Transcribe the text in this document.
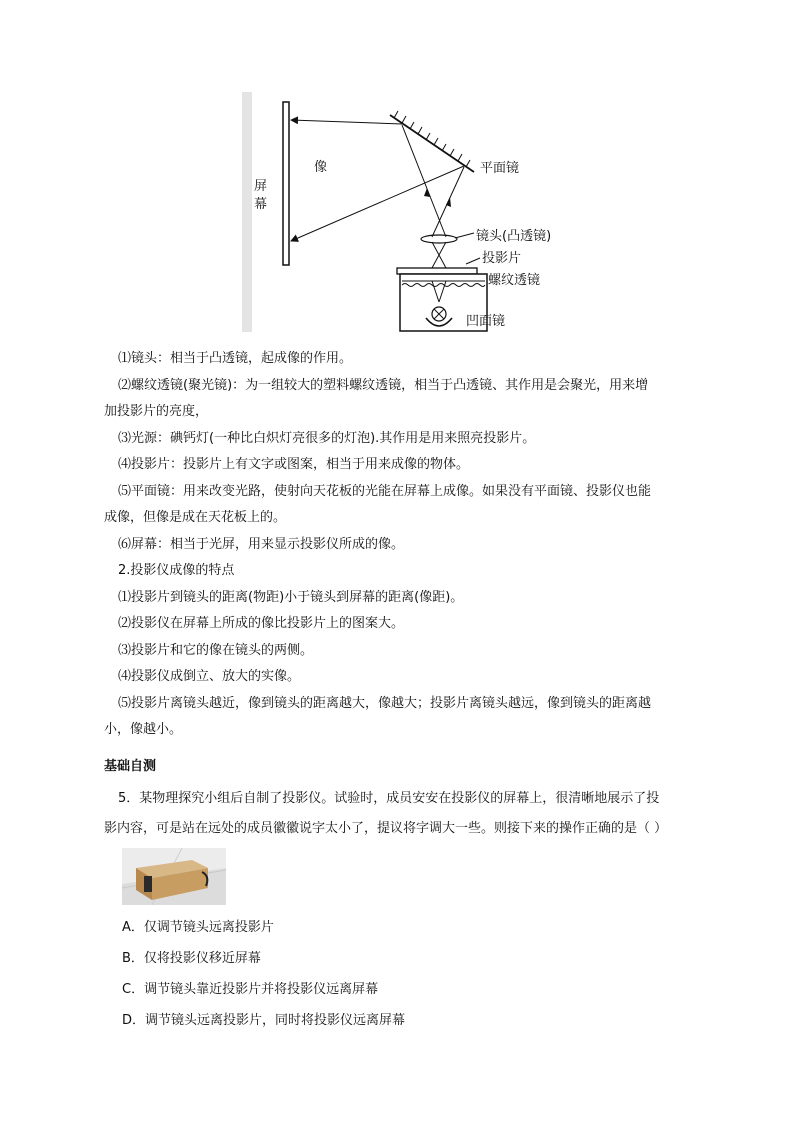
屏
幕
像	平面镜
镜头(凸透镜)
投影片
螺纹透镜
凹面镜
⑴镜头：相当于凸透镜，起成像的作用。
⑵螺纹透镜(聚光镜)：为一组较大的塑料螺纹透镜，相当于凸透镜、其作用是会聚光，用来增
加投影片的亮度，
⑶光源：碘钙灯(一种比白炽灯亮很多的灯泡).其作用是用来照亮投影片。
⑷投影片：投影片上有文字或图案，相当于用来成像的物体。
⑸平面镜：用来改变光路，使射向天花板的光能在屏幕上成像。如果没有平面镜、投影仪也能
成像，但像是成在天花板上的。
⑹屏幕：相当于光屏，用来显示投影仪所成的像。
2.投影仪成像的特点
⑴投影片到镜头的距离(物距)小于镜头到屏幕的距离(像距)。
⑵投影仪在屏幕上所成的像比投影片上的图案大。
⑶投影片和它的像在镜头的两侧。
⑷投影仪成倒立、放大的实像。
⑸投影片离镜头越近，像到镜头的距离越大，像越大；投影片离镜头越远，像到镜头的距离越
小，像越小。
基础自测
5．某物理探究小组后自制了投影仪。试验时，成员安安在投影仪的屏幕上，很清晰地展示了投
影内容，可是站在远处的成员徽徽说字太小了，提议将字调大一些。则接下来的操作正确的是（ ）
A．仅调节镜头远离投影片
B．仅将投影仪移近屏幕
C．调节镜头靠近投影片并将投影仪远离屏幕
D．调节镜头远离投影片，同时将投影仪远离屏幕
